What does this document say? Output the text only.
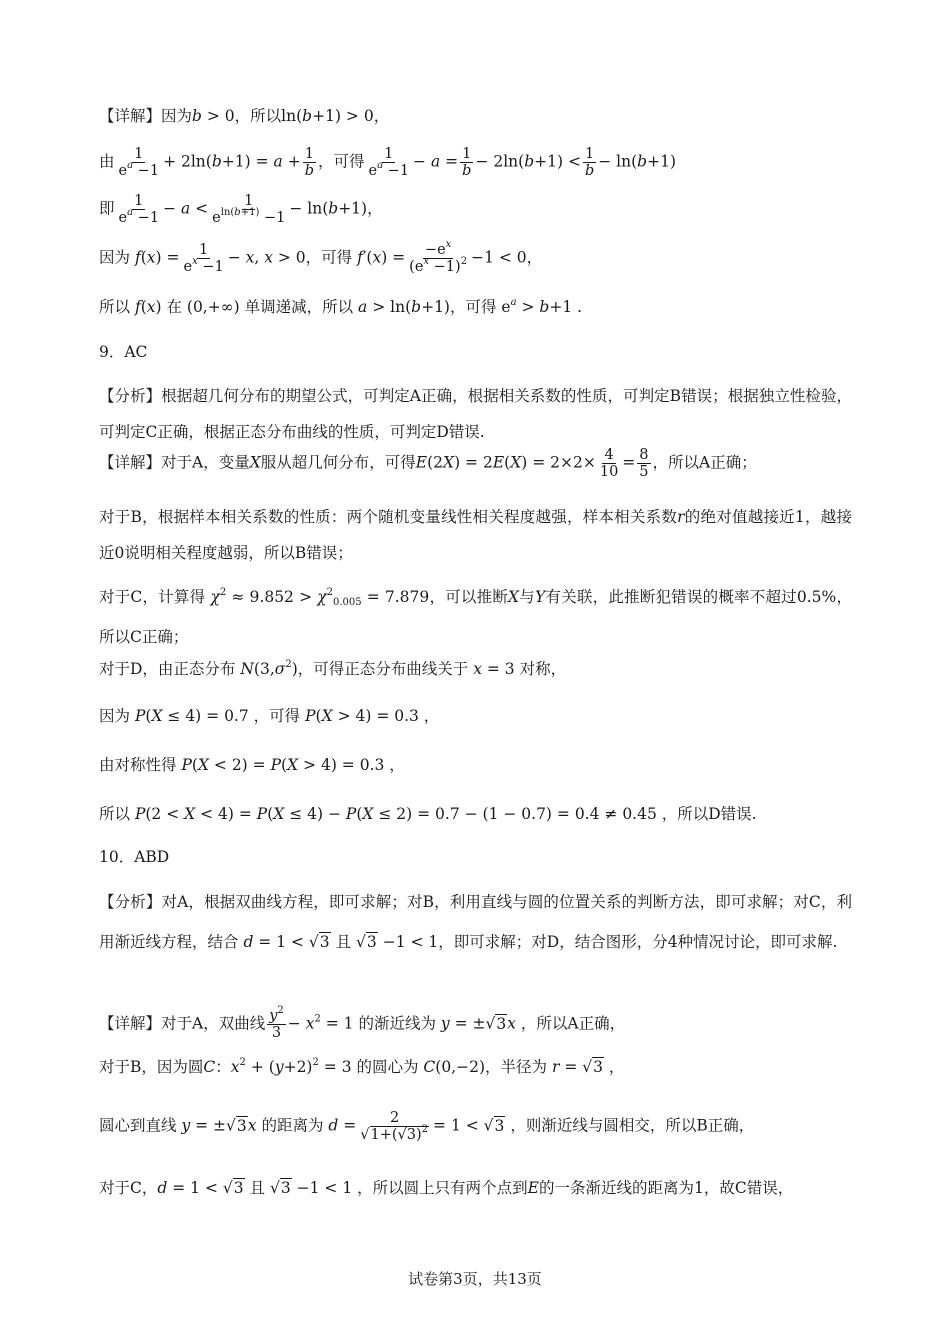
【详解】因为b > 0，所以ln(b+1) > 0，
由 $\frac{1}{e^a -1} + 2\ln(b+1) = a + \frac{1}{b}$ ，可得 $\frac{1}{e^a -1} - a = \frac{1}{b} - 2\ln(b+1) < \frac{1}{b} - \ln(b+1)$
即 $\frac{1}{e^a -1} - a < \frac{1}{e^{ln(b+1)} -1} - \ln(b+1)$，
因为 $f(x) = \frac{1}{e^x -1} - x$, x > 0，可得 $f'(x) = \frac{-e^x}{(e^x -1)^2} -1 < 0$，
所以 f(x) 在 (0,+∞) 单调递减，所以 a > ln(b+1)，可得 $e^a > b+1$ .
9．AC
【分析】根据超几何分布的期望公式，可判定A正确，根据相关系数的性质，可判定B错误；根据独立性检验，可判定C正确，根据正态分布曲线的性质，可判定D错误.
【详解】对于A，变量X服从超几何分布，可得$E(2X) = 2E(X) = 2\times 2\times \frac{4}{10} = \frac{8}{5}$ ，所以A正确；
对于B，根据样本相关系数的性质：两个随机变量线性相关程度越强，样本相关系数r的绝对值越接近1，越接近0说明相关程度越弱，所以B错误；
对于C，计算得 $\chi^2 \approx 9.852 > \chi^2_{0.005} = 7.879$，可以推断X与Y有关联，此推断犯错误的概率不超过0.5%，所以C正确；
对于D，由正态分布 $N(3,\sigma^2)$，可得正态分布曲线关于 x = 3 对称，
因为 P(X ≤ 4) = 0.7 ，可得 P(X > 4) = 0.3 ，
由对称性得 P(X < 2) = P(X > 4) = 0.3 ，
所以 P(2 < X < 4) = P(X ≤ 4) − P(X ≤ 2) = 0.7 − (1 − 0.7) = 0.4 ≠ 0.45 ，所以D错误.
10．ABD
【分析】对A，根据双曲线方程，即可求解；对B，利用直线与圆的位置关系的判断方法，即可求解；对C，利用渐近线方程，结合 d = 1 < √3 且 √3 −1 < 1，即可求解；对D，结合图形，分4种情况讨论，即可求解.
【详解】对于A，双曲线 $\frac{y^2}{3} - x^2 = 1$ 的渐近线为 y = ±√3x ，所以A正确，
对于B，因为圆C：$x^2 + (y+2)^2 = 3$ 的圆心为 C(0,−2)，半径为 r = √3 ，
圆心到直线 y = ±√3x 的距离为 $d = \frac{2}{√1+(√3)^2} = 1 < √3$ ，则渐近线与圆相交，所以B正确，
对于C，d = 1 < √3 且 √3 −1 < 1 ，所以圆上只有两个点到E的一条渐近线的距离为1，故C错误，
试卷第3页，共13页
